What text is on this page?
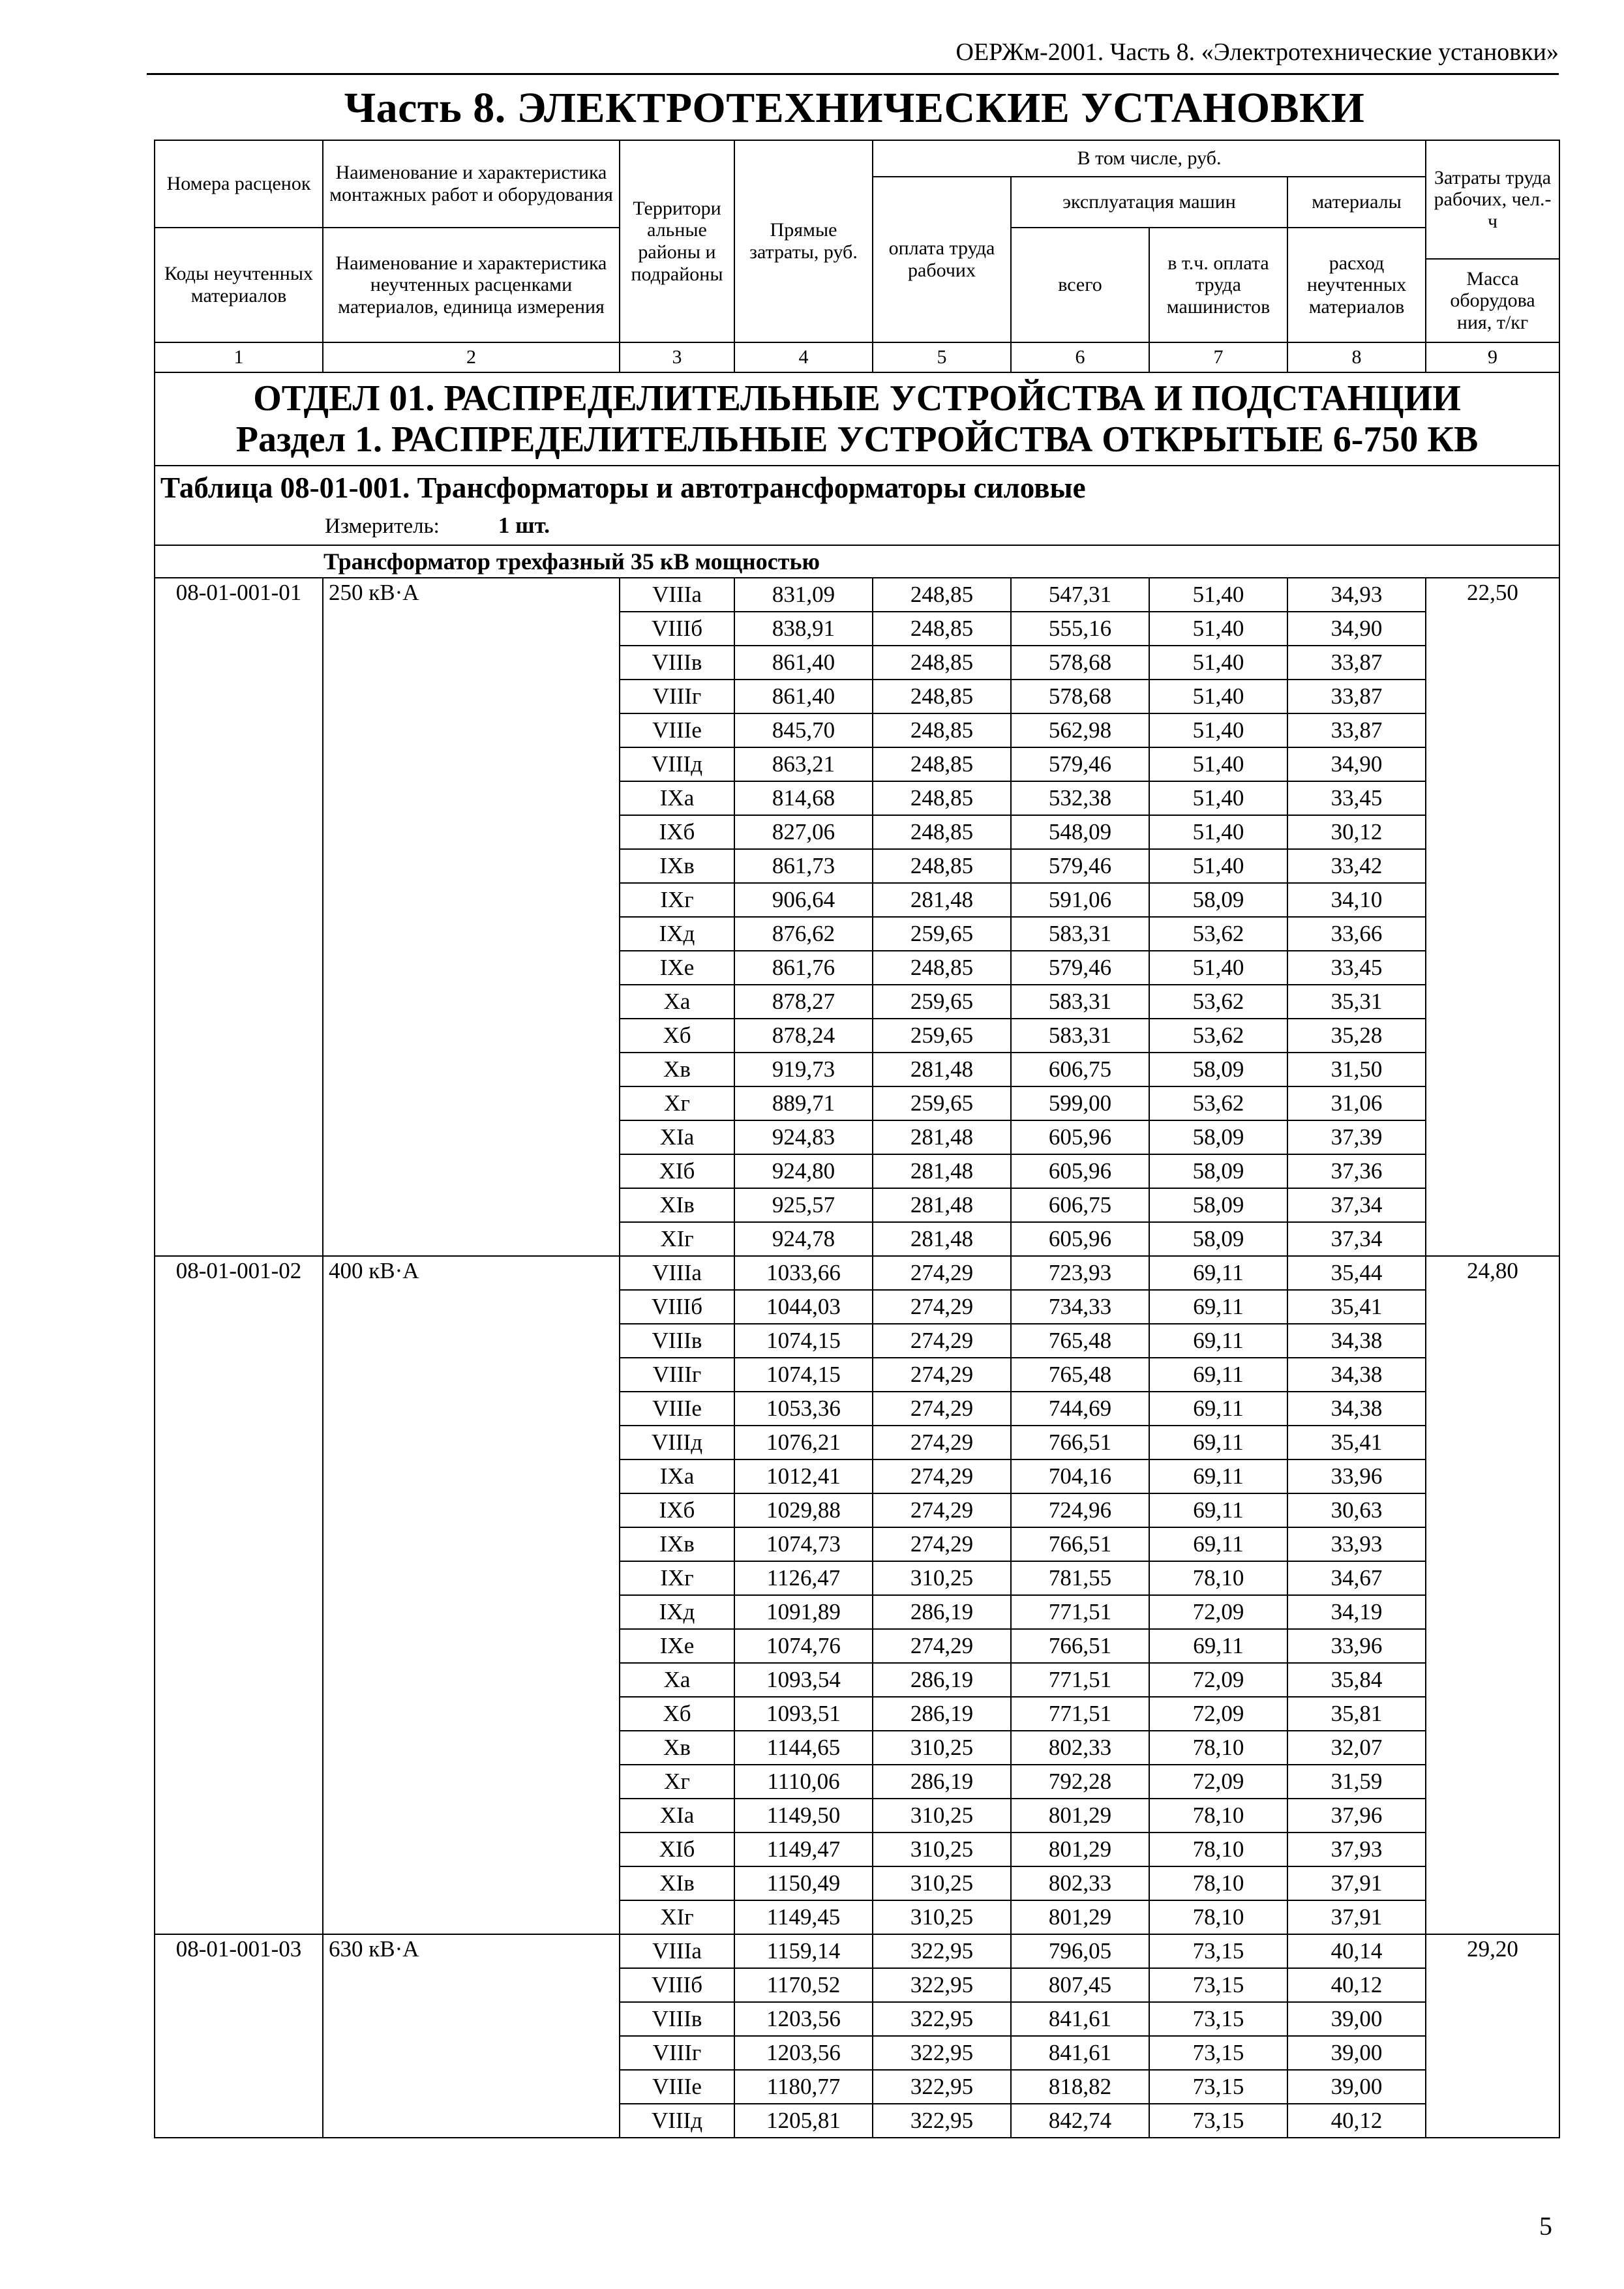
ОЕРЖм-2001. Часть 8. «Электротехнические установки»
Часть 8. ЭЛЕКТРОТЕХНИЧЕСКИЕ УСТАНОВКИ
Номера расценок	Наименование и характеристика монтажных работ и оборудования	Территори альные районы и подрайоны	Прямые затраты, руб.	В том числе, руб.				Затраты труда рабочих, чел.-ч
				оплата труда рабочих	эксплуатация машин		материалы	
Коды неучтенных материалов	Наименование и характеристика неучтенных расценками материалов, единица измерения				всего	в т.ч. оплата труда машинистов	расход неучтенных материалов	
								Масса оборудова ния, т/кг
1	2	3	4	5	6	7	8	9

ОТДЕЛ 01. РАСПРЕДЕЛИТЕЛЬНЫЕ УСТРОЙСТВА И ПОДСТАНЦИИ
Раздел 1. РАСПРЕДЕЛИТЕЛЬНЫЕ УСТРОЙСТВА ОТКРЫТЫЕ 6-750 КВ								

Таблица 08-01-001. Трансформаторы и автотрансформаторы силовые
Измеритель: 1 шт.								
Трансформатор трехфазный 35 кВ мощностью								
08-01-001-01	250 кВ·А	VIIIа	831,09	248,85	547,31	51,40	34,93	22,50
		VIIIб	838,91	248,85	555,16	51,40	34,90	
		VIIIв	861,40	248,85	578,68	51,40	33,87	
		VIIIг	861,40	248,85	578,68	51,40	33,87	
		VIIIе	845,70	248,85	562,98	51,40	33,87	
		VIIIд	863,21	248,85	579,46	51,40	34,90	
		IXа	814,68	248,85	532,38	51,40	33,45	
		IXб	827,06	248,85	548,09	51,40	30,12	
		IXв	861,73	248,85	579,46	51,40	33,42	
		IXг	906,64	281,48	591,06	58,09	34,10	
		IXд	876,62	259,65	583,31	53,62	33,66	
		IXе	861,76	248,85	579,46	51,40	33,45	
		Xа	878,27	259,65	583,31	53,62	35,31	
		Xб	878,24	259,65	583,31	53,62	35,28	
		Xв	919,73	281,48	606,75	58,09	31,50	
		Xг	889,71	259,65	599,00	53,62	31,06	
		XIа	924,83	281,48	605,96	58,09	37,39	
		XIб	924,80	281,48	605,96	58,09	37,36	
		XIв	925,57	281,48	606,75	58,09	37,34	
		XIг	924,78	281,48	605,96	58,09	37,34	
08-01-001-02	400 кВ·А	VIIIа	1033,66	274,29	723,93	69,11	35,44	24,80
		VIIIб	1044,03	274,29	734,33	69,11	35,41	
		VIIIв	1074,15	274,29	765,48	69,11	34,38	
		VIIIг	1074,15	274,29	765,48	69,11	34,38	
		VIIIе	1053,36	274,29	744,69	69,11	34,38	
		VIIIд	1076,21	274,29	766,51	69,11	35,41	
		IXа	1012,41	274,29	704,16	69,11	33,96	
		IXб	1029,88	274,29	724,96	69,11	30,63	
		IXв	1074,73	274,29	766,51	69,11	33,93	
		IXг	1126,47	310,25	781,55	78,10	34,67	
		IXд	1091,89	286,19	771,51	72,09	34,19	
		IXе	1074,76	274,29	766,51	69,11	33,96	
		Xа	1093,54	286,19	771,51	72,09	35,84	
		Xб	1093,51	286,19	771,51	72,09	35,81	
		Xв	1144,65	310,25	802,33	78,10	32,07	
		Xг	1110,06	286,19	792,28	72,09	31,59	
		XIа	1149,50	310,25	801,29	78,10	37,96	
		XIб	1149,47	310,25	801,29	78,10	37,93	
		XIв	1150,49	310,25	802,33	78,10	37,91	
		XIг	1149,45	310,25	801,29	78,10	37,91	
08-01-001-03	630 кВ·А	VIIIа	1159,14	322,95	796,05	73,15	40,14	29,20
		VIIIб	1170,52	322,95	807,45	73,15	40,12	
		VIIIв	1203,56	322,95	841,61	73,15	39,00	
		VIIIг	1203,56	322,95	841,61	73,15	39,00	
		VIIIе	1180,77	322,95	818,82	73,15	39,00	
		VIIIд	1205,81	322,95	842,74	73,15	40,12	
5
